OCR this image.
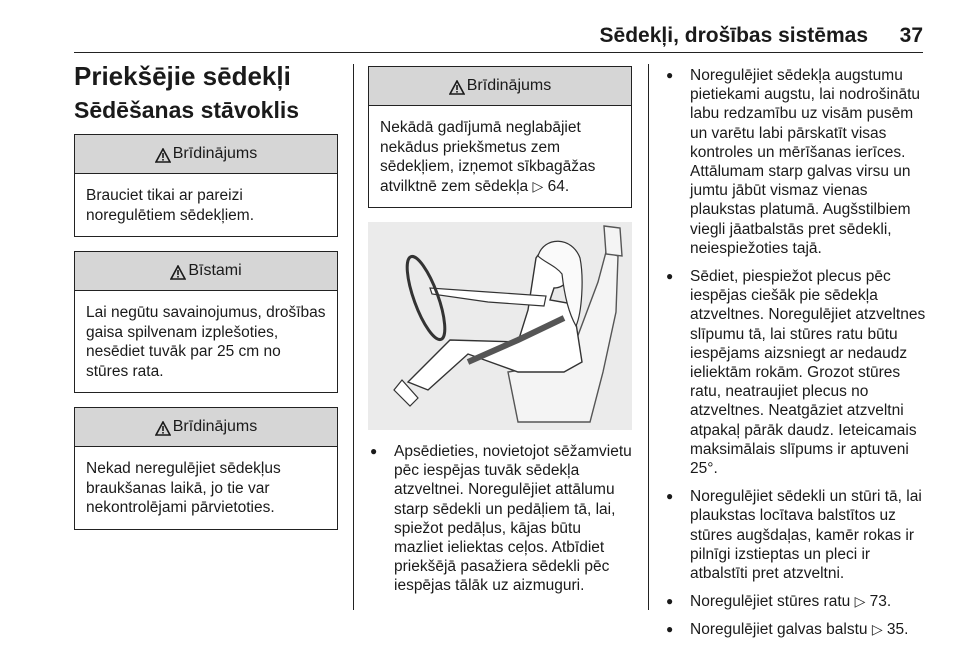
Sēdekļi, drošības sistēmas 37
Priekšējie sēdekļi
Sēdēšanas stāvoklis
Brīdinājums
Brauciet tikai ar pareizi noregulētiem sēdekļiem.
Bīstami
Lai negūtu savainojumus, drošības gaisa spilvenam izplešoties, nesēdiet tuvāk par 25 cm no stūres rata.
Brīdinājums
Nekad neregulējiet sēdekļus braukšanas laikā, jo tie var nekontrolējami pārvietoties.
Brīdinājums
Nekādā gadījumā neglabājiet nekādus priekšmetus zem sēdekļiem, izņemot sīkbagāžas atvilktnē zem sēdekļa ▷ 64.
● Apsēdieties, novietojot sēžamvietu pēc iespējas tuvāk sēdekļa atzveltnei. Noregulējiet attālumu starp sēdekli un pedāļiem tā, lai, spiežot pedāļus, kājas būtu mazliet ieliektas ceļos. Atbīdiet priekšējā pasažiera sēdekli pēc iespējas tālāk uz aizmuguri.
● Noregulējiet sēdekļa augstumu pietiekami augstu, lai nodrošinātu labu redzamību uz visām pusēm un varētu labi pārskatīt visas kontroles un mērīšanas ierīces. Attālumam starp galvas virsu un jumtu jābūt vismaz vienas plaukstas platumā. Augšstilbiem viegli jāatbalstās pret sēdekli, neiespiežoties tajā.
● Sēdiet, piespiežot plecus pēc iespējas ciešāk pie sēdekļa atzveltnes. Noregulējiet atzveltnes slīpumu tā, lai stūres ratu būtu iespējams aizsniegt ar nedaudz ieliektām rokām. Grozot stūres ratu, neatraujiet plecus no atzveltnes. Neatgāziet atzveltni atpakaļ pārāk daudz. Ieteicamais maksimālais slīpums ir aptuveni 25°.
● Noregulējiet sēdekli un stūri tā, lai plaukstas locītava balstītos uz stūres augšdaļas, kamēr rokas ir pilnīgi izstieptas un pleci ir atbalstīti pret atzveltni.
● Noregulējiet stūres ratu ▷ 73.
● Noregulējiet galvas balstu ▷ 35.
